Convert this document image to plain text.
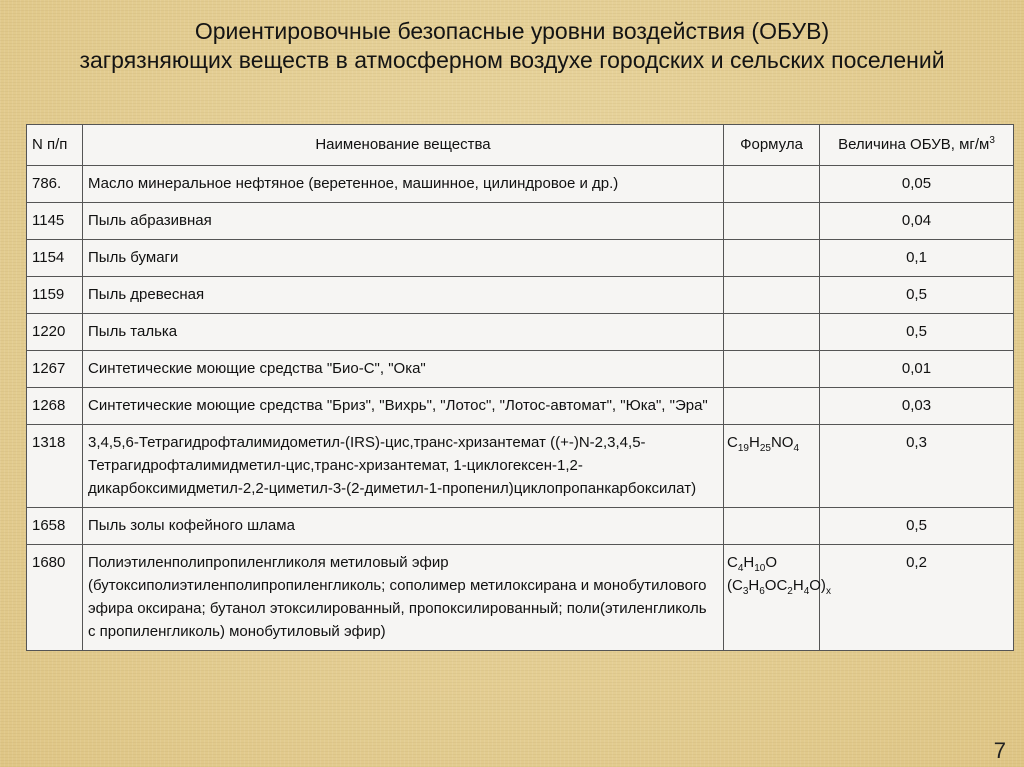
Ориентировочные безопасные уровни воздействия (ОБУВ)
загрязняющих веществ в атмосферном воздухе городских и сельских поселений
N п/п	Наименование вещества	Формула	Величина ОБУВ, $мг/м^3$
786.	Масло минеральное нефтяное (веретенное, машинное, цилиндровое и др.)		0,05
1145	Пыль абразивная		0,04
1154	Пыль бумаги		0,1
1159	Пыль древесная		0,5
1220	Пыль талька		0,5
1267	Синтетические моющие средства "Био-С", "Ока"		0,01
1268	Синтетические моющие средства "Бриз", "Вихрь", "Лотос", "Лотос-автомат", "Юка", "Эра"		0,03
1318	3,4,5,6-Тетрагидрофталимидометил-(IRS)-цис,транс-хризантемат ((+-)N-2,3,4,5-Тетрагидрофталимидметил-цис,транс-хризантемат, 1-циклогексен-1,2-дикарбоксимидметил-2,2-циметил-3-(2-диметил-1-пропенил)циклопропанкарбоксилат)	$C_{19}H_{25}NO_4$	0,3
1658	Пыль золы кофейного шлама		0,5
1680	Полиэтиленполипропиленгликоля метиловый эфир (бутоксиполиэтиленполипропиленгликоль; сополимер метилоксирана и монобутилового эфира оксирана; бутанол этоксилированный, пропоксилированный; поли(этиленгликоль с пропиленгликоль) монобутиловый эфир)	$C_4H_{10}O$ $(C_3H_6OC_2H_4O)_x$	0,2
7
